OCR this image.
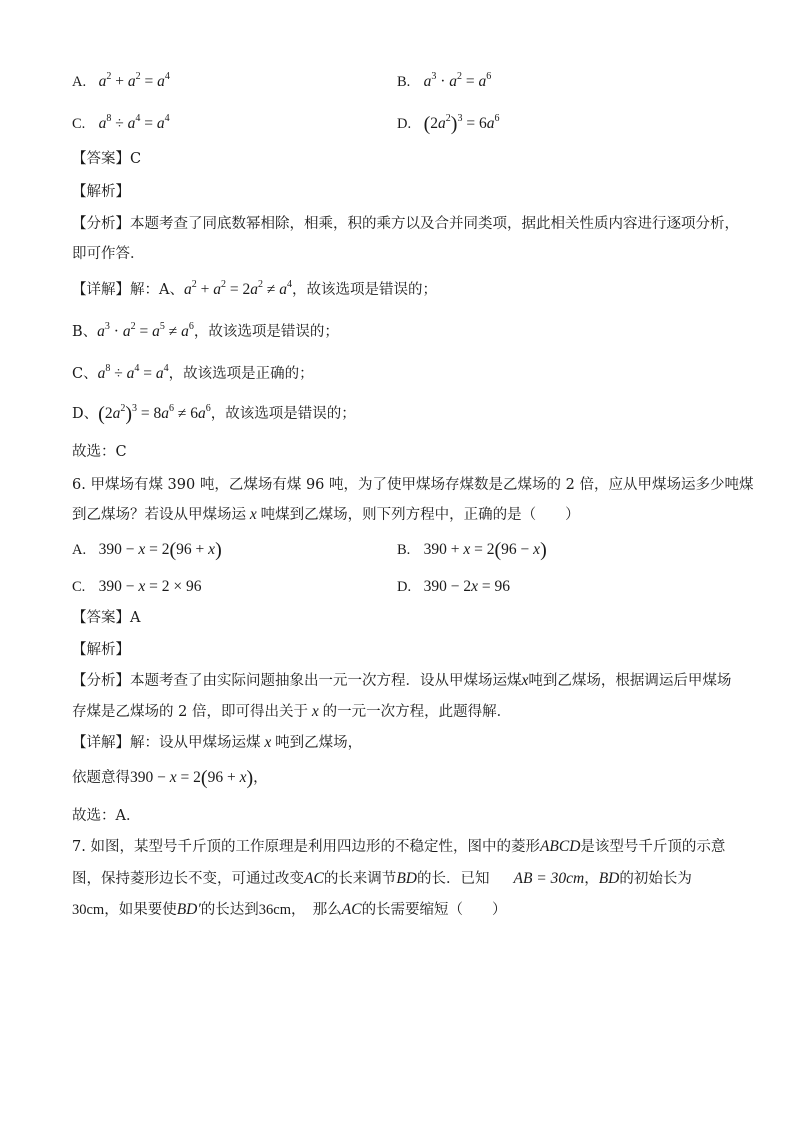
A. $a^2 + a^2 = a^4$	B. $a^3 \cdot a^2 = a^6$
C. $a^8 \div a^4 = a^4$	D. $(2a^2)^3 = 6a^6$
【答案】C
【解析】
【分析】本题考查了同底数幂相除，相乘，积的乘方以及合并同类项，据此相关性质内容进行逐项分析，
即可作答．
【详解】解：A、$a^2 + a^2 = 2a^2 \ne a^4$，故该选项是错误的；
B、$a^3 \cdot a^2 = a^5 \ne a^6$，故该选项是错误的；
C、$a^8 \div a^4 = a^4$，故该选项是正确的；
D、$(2a^2)^3 = 8a^6 \ne 6a^6$，故该选项是错误的；
故选：C
6. 甲煤场有煤 390 吨，乙煤场有煤 96 吨，为了使甲煤场存煤数是乙煤场的 2 倍，应从甲煤场运多少吨煤
到乙煤场？若设从甲煤场运 x 吨煤到乙煤场，则下列方程中，正确的是（　　）
A. 390 − x = 2(96 + x)	B. 390 + x = 2(96 − x)
C. 390 − x = 2 × 96	D. 390 − 2x = 96
【答案】A
【解析】
【分析】本题考查了由实际问题抽象出一元一次方程．设从甲煤场运煤x吨到乙煤场，根据调运后甲煤场
存煤是乙煤场的 2 倍，即可得出关于 x 的一元一次方程，此题得解．
【详解】解：设从甲煤场运煤 x 吨到乙煤场，
依题意得390 − x = 2(96 + x)，
故选：A．
7. 如图，某型号千斤顶的工作原理是利用四边形的不稳定性，图中的菱形ABCD是该型号千斤顶的示意
图，保持菱形边长不变，可通过改变AC的长来调节BD的长．已知 AB = 30cm，BD的初始长为
30cm，如果要使BD′的长达到36cm，　那么AC的长需要缩短（　　）
